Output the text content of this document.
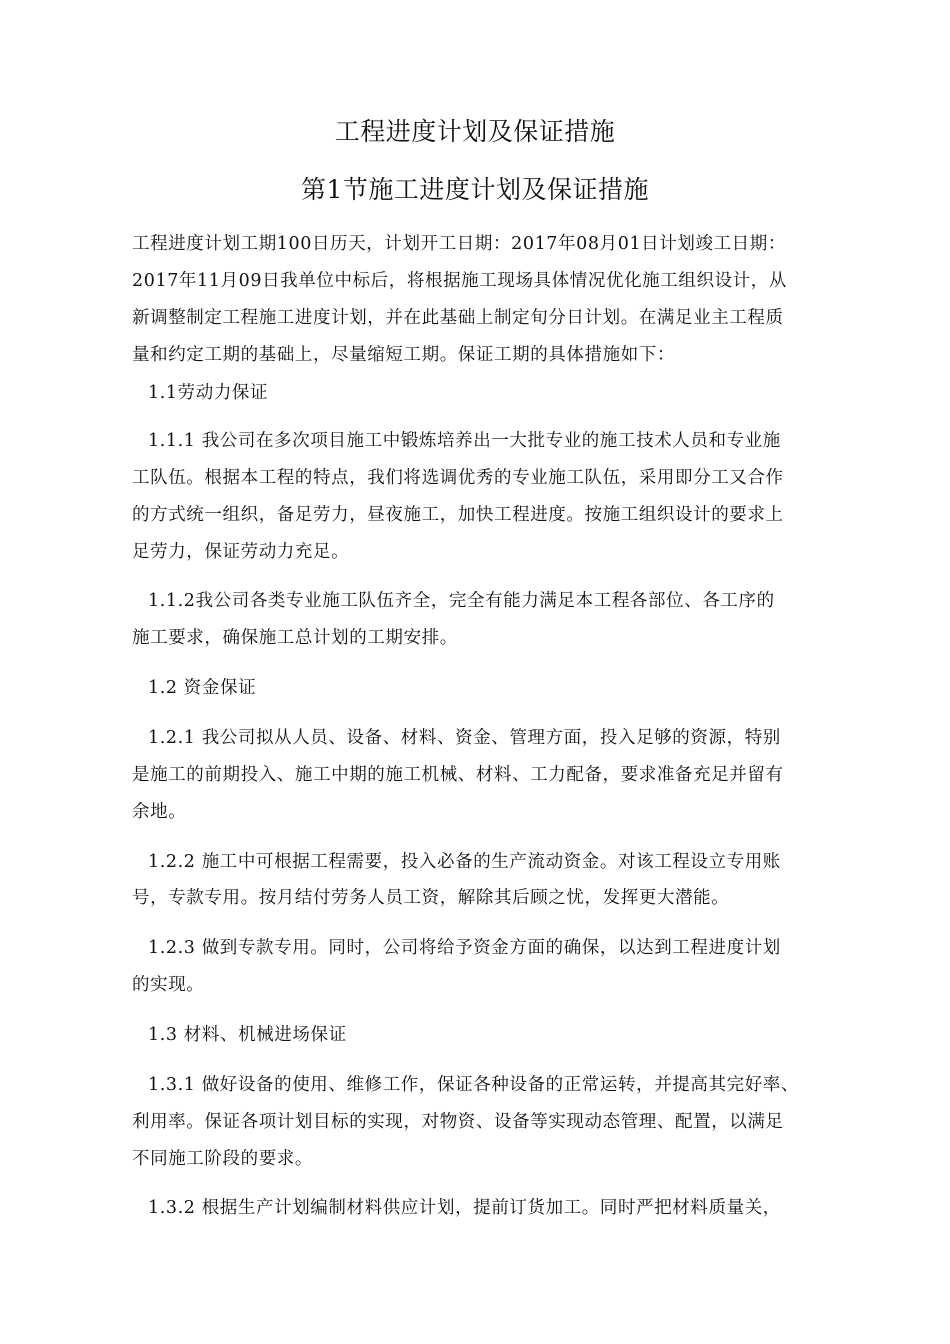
工程进度计划及保证措施
第1节施工进度计划及保证措施
工程进度计划工期100日历天，计划开工日期：2017年08月01日计划竣工日期：
2017年11月09日我单位中标后，将根据施工现场具体情况优化施工组织设计，从
新调整制定工程施工进度计划，并在此基础上制定旬分日计划。在满足业主工程质
量和约定工期的基础上，尽量缩短工期。保证工期的具体措施如下：
1.1劳动力保证
1.1.1 我公司在多次项目施工中锻炼培养出一大批专业的施工技术人员和专业施
工队伍。根据本工程的特点，我们将选调优秀的专业施工队伍，采用即分工又合作
的方式统一组织，备足劳力，昼夜施工，加快工程进度。按施工组织设计的要求上
足劳力，保证劳动力充足。
1.1.2我公司各类专业施工队伍齐全，完全有能力满足本工程各部位、各工序的
施工要求，确保施工总计划的工期安排。
1.2 资金保证
1.2.1 我公司拟从人员、设备、材料、资金、管理方面，投入足够的资源，特别
是施工的前期投入、施工中期的施工机械、材料、工力配备，要求准备充足并留有
余地。
1.2.2 施工中可根据工程需要，投入必备的生产流动资金。对该工程设立专用账
号，专款专用。按月结付劳务人员工资，解除其后顾之忧，发挥更大潜能。
1.2.3 做到专款专用。同时，公司将给予资金方面的确保，以达到工程进度计划
的实现。
1.3 材料、机械进场保证
1.3.1 做好设备的使用、维修工作，保证各种设备的正常运转，并提高其完好率、
利用率。保证各项计划目标的实现，对物资、设备等实现动态管理、配置，以满足
不同施工阶段的要求。
1.3.2 根据生产计划编制材料供应计划，提前订货加工。同时严把材料质量关，
